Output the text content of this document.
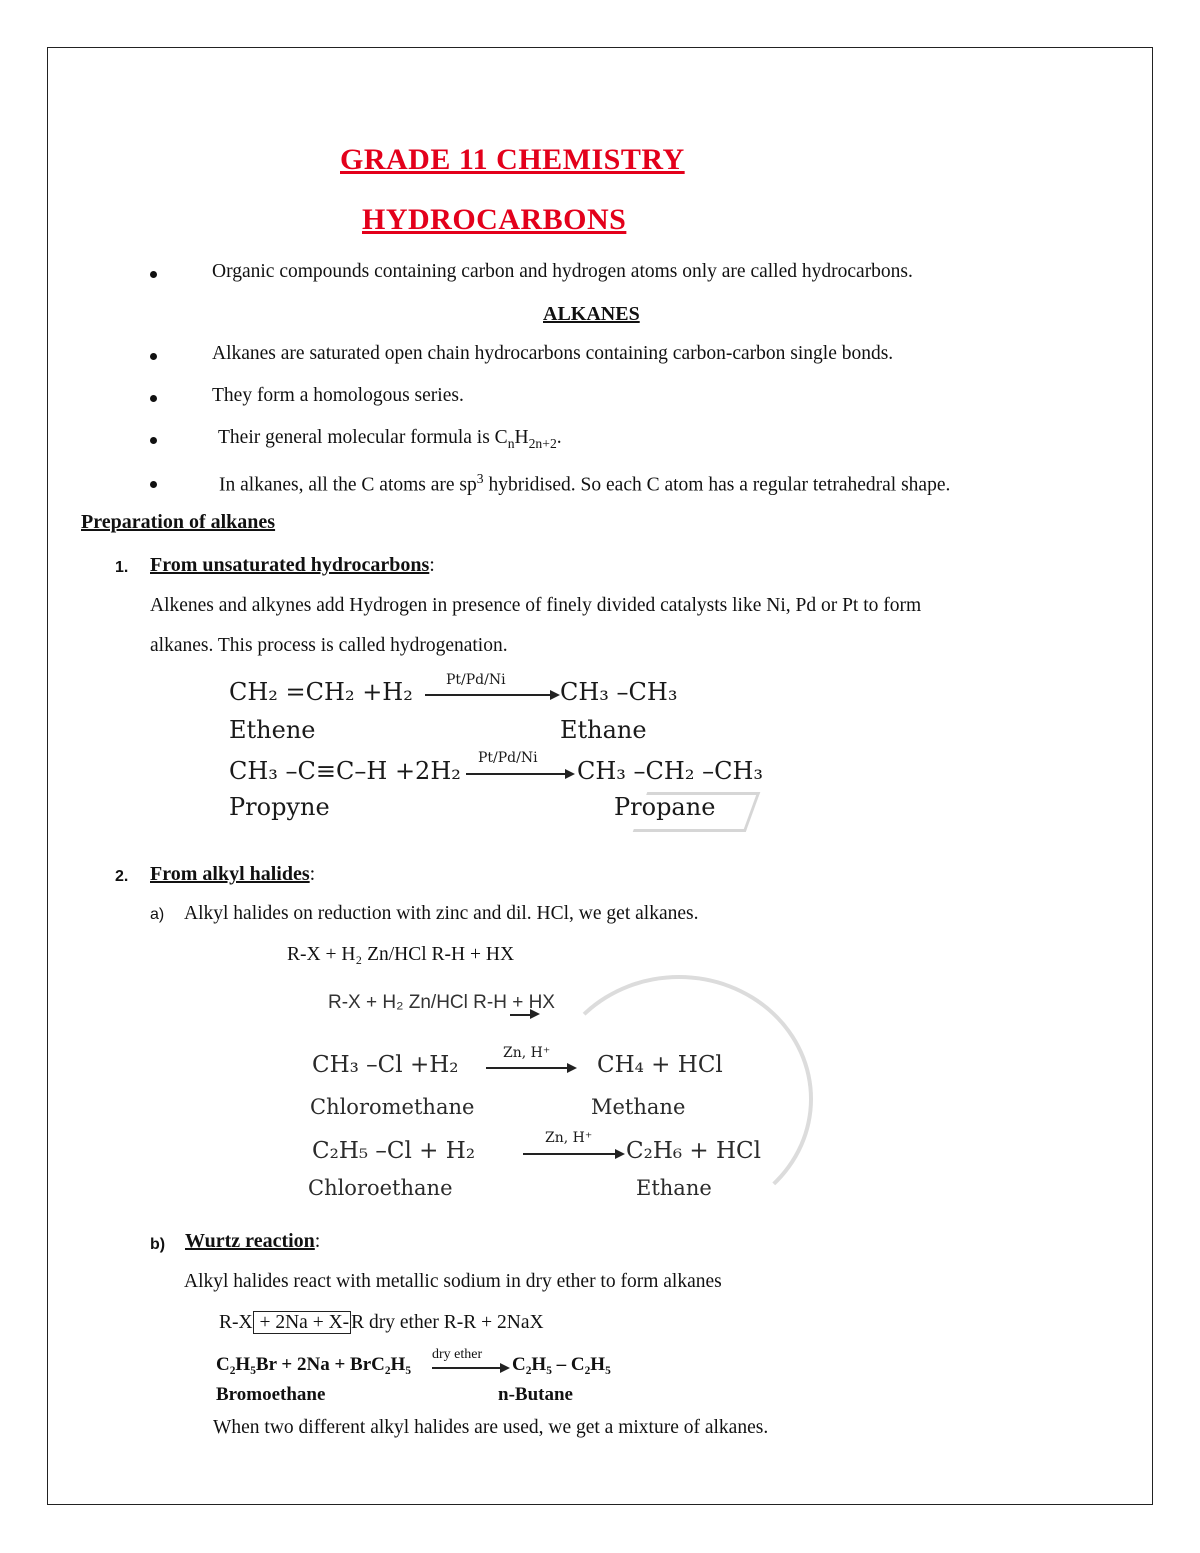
GRADE 11 CHEMISTRY
HYDROCARBONS
Organic compounds containing carbon and hydrogen atoms only are called hydrocarbons.
ALKANES
Alkanes are saturated open chain hydrocarbons containing carbon-carbon single bonds.
They form a homologous series.
Their general molecular formula is $C_nH_{2n+2}$.
In alkanes, all the C atoms are $sp^3$ hybridised. So each C atom has a regular tetrahedral shape.
Preparation of alkanes
1. From unsaturated hydrocarbons:
Alkenes and alkynes add Hydrogen in presence of finely divided catalysts like Ni, Pd or Pt to form
alkanes. This process is called hydrogenation.
CH₂ =CH₂ +H₂ Pt/Pd/Ni CH₃ –CH₃
Ethene	Ethane
CH₃ –C≡C–H +2H₂ Pt/Pd/Ni CH₃ –CH₂ –CH₃
Propyne	Propane
2. From alkyl halides:
a) Alkyl halides on reduction with zinc and dil. HCl, we get alkanes.
R-X + H₂ Zn/HCl R-H + HX
R-X + H₂ Zn/HCl R-H + HX
CH₃ –Cl +H₂	Zn, H⁺ CH₄ + HCl
Chloromethane	Methane
C₂H₅ –Cl + H₂	Zn, H⁺ C₂H₆ + HCl
Chloroethane	Ethane
b) Wurtz reaction:
Alkyl halides react with metallic sodium in dry ether to form alkanes
R-X + 2Na + X- R dry ether R-R + 2NaX
C₂H₅Br + 2Na + BrC₂H₅ dry ether C₂H₅ – C₂H₅
Bromoethane	n-Butane
When two different alkyl halides are used, we get a mixture of alkanes.
